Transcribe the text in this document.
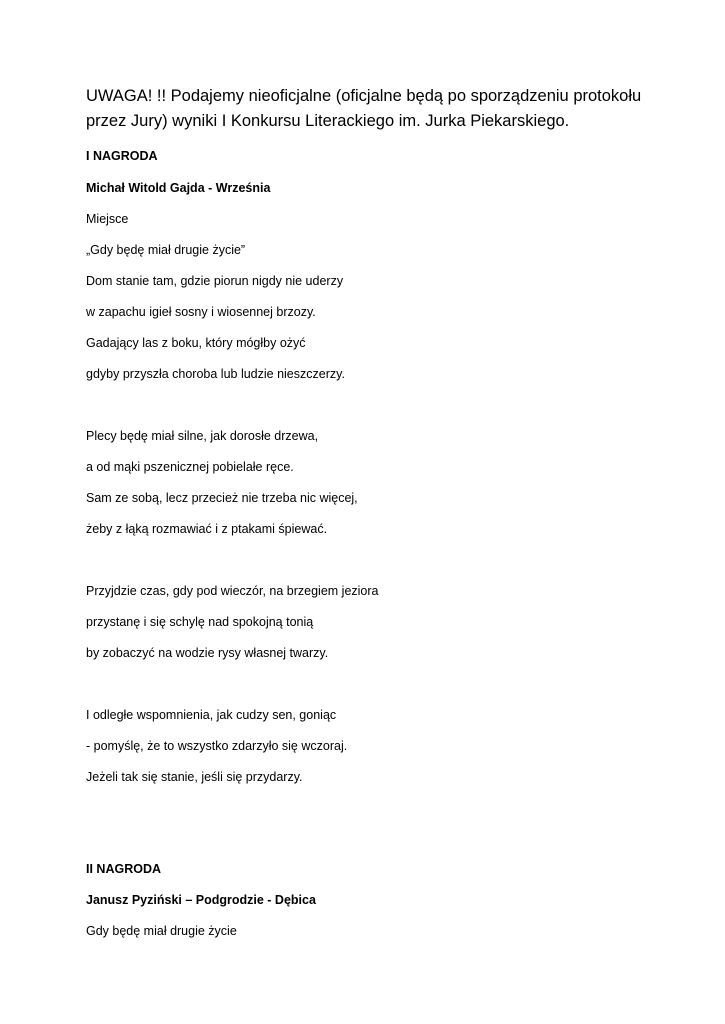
UWAGA! !! Podajemy nieoficjalne (oficjalne będą po sporządzeniu protokołu przez Jury) wyniki I Konkursu Literackiego im. Jurka Piekarskiego.

I NAGRODA

Michał Witold Gajda - Września

Miejsce

„Gdy będę miał drugie życie”

Dom stanie tam, gdzie piorun nigdy nie uderzy

w zapachu igieł sosny i wiosennej brzozy.

Gadający las z boku, który mógłby ożyć

gdyby przyszła choroba lub ludzie nieszczerzy.

Plecy będę miał silne, jak dorosłe drzewa,

a od mąki pszenicznej pobielałe ręce.

Sam ze sobą, lecz przecież nie trzeba nic więcej,

żeby z łąką rozmawiać i z ptakami śpiewać.

Przyjdzie czas, gdy pod wieczór, na brzegiem jeziora

przystanę i się schylę nad spokojną tonią

by zobaczyć na wodzie rysy własnej twarzy.

I odległe wspomnienia, jak cudzy sen, goniąc

- pomyślę, że to wszystko zdarzyło się wczoraj.

Jeżeli tak się stanie, jeśli się przydarzy.

II NAGRODA

Janusz Pyziński – Podgrodzie - Dębica

Gdy będę miał drugie życie
